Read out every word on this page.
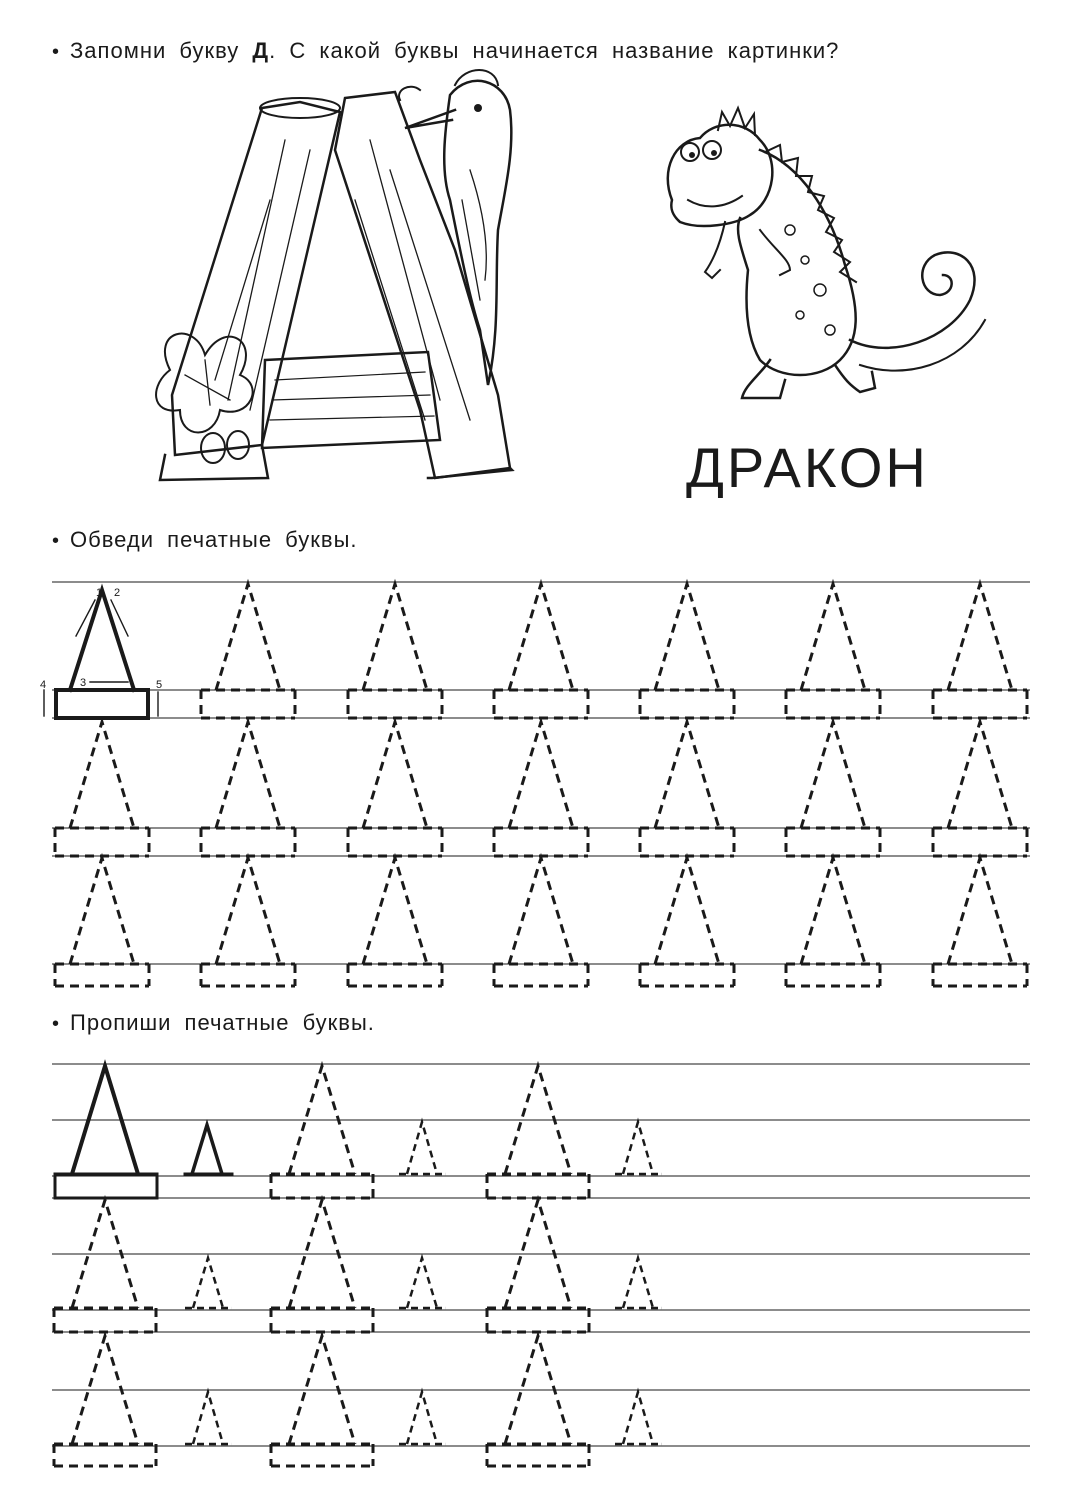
• Запомни букву Д. С какой буквы начинается название картинки?
• Обведи печатные буквы.
• Пропиши печатные буквы.
ДРАКОН
1 2
3
4	5
